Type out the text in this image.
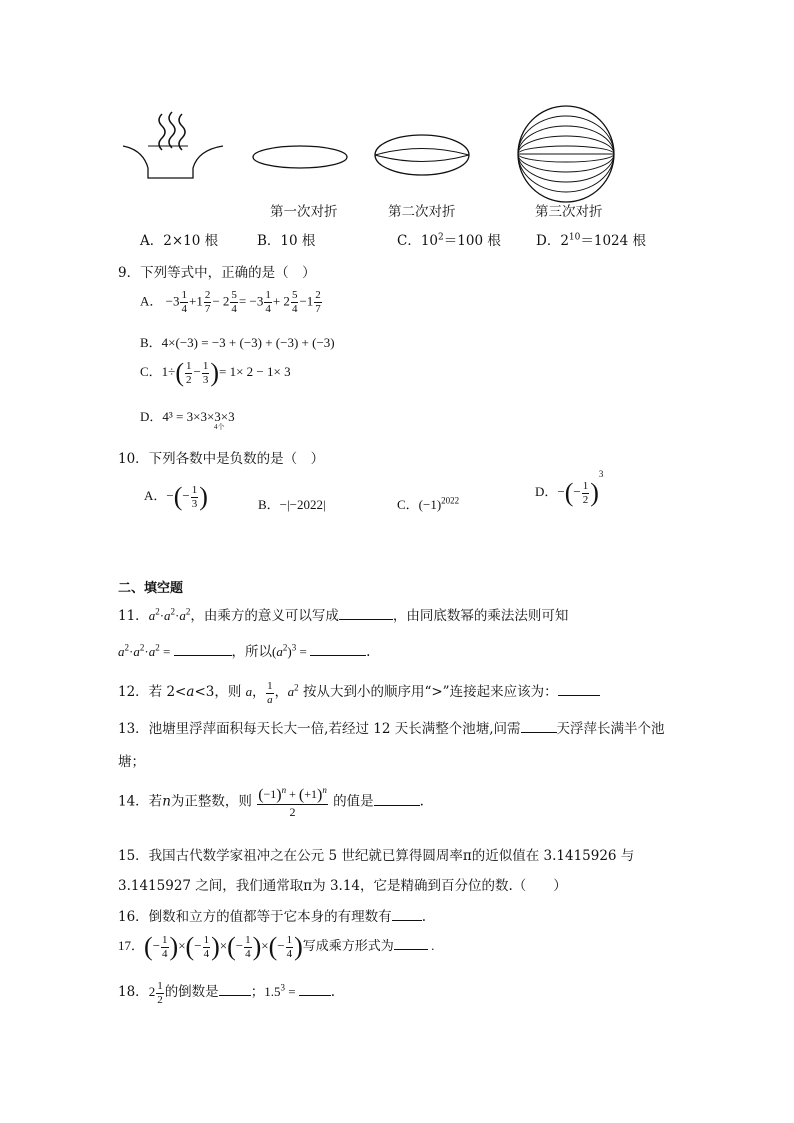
第一次对折	第二次对折	第三次对折
A．2×10 根	B．10 根	C．$10^2=100$ 根	D．$2^{10}=1024$ 根
9．下列等式中，正确的是（　）
A． $-3 \frac{1}{4} +1 \frac{2}{7} - 2 \frac{5}{4} = -3 \frac{1}{4} + 2 \frac{5}{4} -1 \frac{2}{7}$
B．4×(−3) = −3 + (−3) + (−3) + (−3)
C．$1\div( \frac{1}{2} - \frac{1}{3}$ )= 1× 2 − 1× 3
D．4³ = 3×3×3×3
4个
10．下列各数中是负数的是（　）
A．−(− $\frac{1}{3}$ )	B．−|−2022|	C．$(-1)^{2022}$
D．−(− $\frac{1}{2} )^3$
二、填空题
11．$a^2\cdot a^2\cdot a^2$，由乘方的意义可以写成	，由同底数幂的乘法法则可知
$a^2\cdot a^2\cdot a^2$ =	，所以$(a^2)^3$ =	.
12．若 2<a<3，则 a， $\frac{1}{a}$ ，$a^2$ 按从大到小的顺序用“>”连接起来应该为：
13．池塘里浮萍面积每天长大一倍,若经过 12 天长满整个池塘,问需	天浮萍长满半个池
塘；
14．若n为正整数，则 $\frac{(-1)^n + (+1)^n}{2}$ 的值是	.
15．我国古代数学家祖冲之在公元 5 世纪就已算得圆周率π的近似值在 3.1415926 与
3.1415927 之间，我们通常取π为 3.14，它是精确到百分位的数.（　　）
16．倒数和立方的值都等于它本身的有理数有 .
17．(− $\frac{1}{4}$ )×(− $\frac{1}{4}$ )×(− $\frac{1}{4}$ )×(− $\frac{1}{4}$ )写成乘方形式为	.
18．$2 \frac{1}{2}$ 的倒数是 ；$1.5^3$ = .
